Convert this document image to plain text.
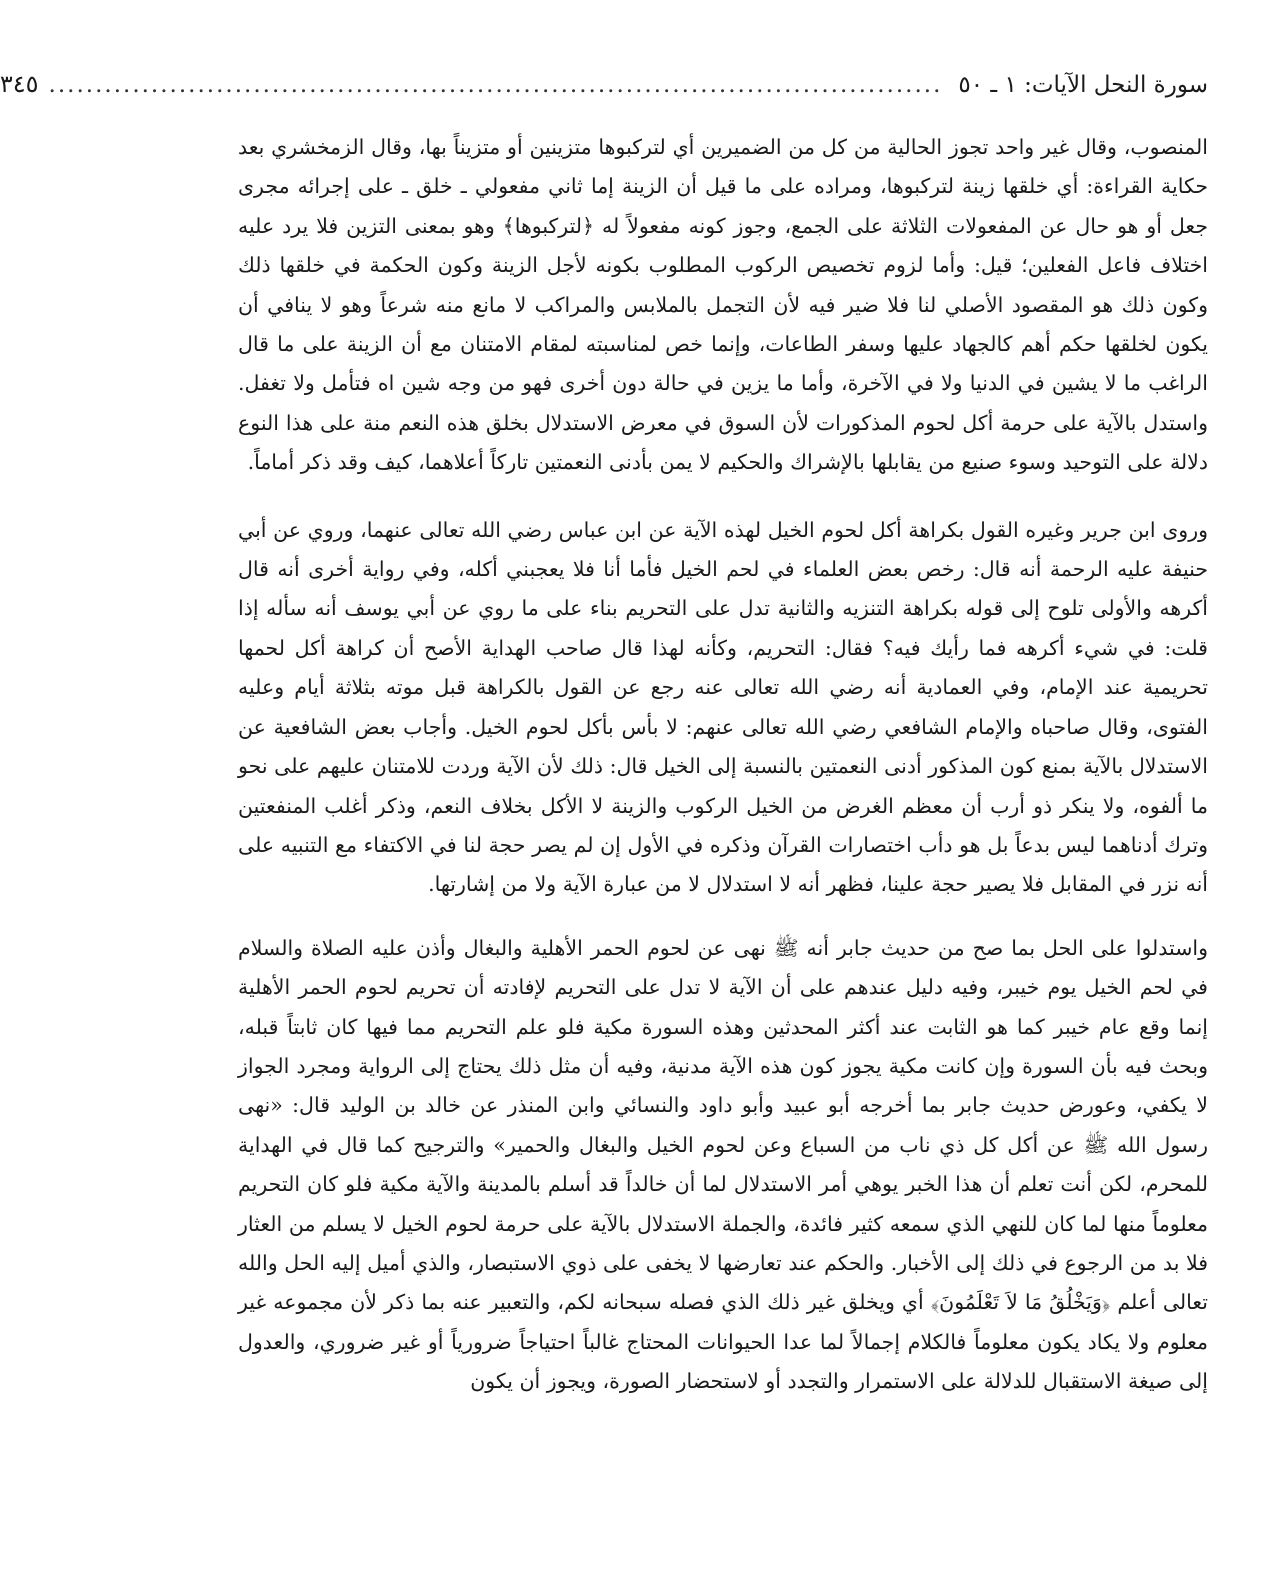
سورة النحل الآيات: ١ ـ ٥٠
................................................................................................
٣٤٥

المنصوب، وقال غير واحد تجوز الحالية من كل من الضميرين أي لتركبوها متزينين أو متزيناً بها، وقال الزمخشري بعد حكاية القراءة: أي خلقها زينة لتركبوها، ومراده على ما قيل أن الزينة إما ثاني مفعولي ـ خلق ـ على إجرائه مجرى جعل أو هو حال عن المفعولات الثلاثة على الجمع، وجوز كونه مفعولاً له ﴿لتركبوها﴾ وهو بمعنى التزين فلا يرد عليه اختلاف فاعل الفعلين؛ قيل: وأما لزوم تخصيص الركوب المطلوب بكونه لأجل الزينة وكون الحكمة في خلقها ذلك وكون ذلك هو المقصود الأصلي لنا فلا ضير فيه لأن التجمل بالملابس والمراكب لا مانع منه شرعاً وهو لا ينافي أن يكون لخلقها حكم أهم كالجهاد عليها وسفر الطاعات، وإنما خص لمناسبته لمقام الامتنان مع أن الزينة على ما قال الراغب ما لا يشين في الدنيا ولا في الآخرة، وأما ما يزين في حالة دون أخرى فهو من وجه شين اه فتأمل ولا تغفل. واستدل بالآية على حرمة أكل لحوم المذكورات لأن السوق في معرض الاستدلال بخلق هذه النعم منة على هذا النوع دلالة على التوحيد وسوء صنيع من يقابلها بالإشراك والحكيم لا يمن بأدنى النعمتين تاركاً أعلاهما، كيف وقد ذكر أماماً.

وروى ابن جرير وغيره القول بكراهة أكل لحوم الخيل لهذه الآية عن ابن عباس رضي الله تعالى عنهما، وروي عن أبي حنيفة عليه الرحمة أنه قال: رخص بعض العلماء في لحم الخيل فأما أنا فلا يعجبني أكله، وفي رواية أخرى أنه قال أكرهه والأولى تلوح إلى قوله بكراهة التنزيه والثانية تدل على التحريم بناء على ما روي عن أبي يوسف أنه سأله إذا قلت: في شيء أكرهه فما رأيك فيه؟ فقال: التحريم، وكأنه لهذا قال صاحب الهداية الأصح أن كراهة أكل لحمها تحريمية عند الإمام، وفي العمادية أنه رضي الله تعالى عنه رجع عن القول بالكراهة قبل موته بثلاثة أيام وعليه الفتوى، وقال صاحباه والإمام الشافعي رضي الله تعالى عنهم: لا بأس بأكل لحوم الخيل. وأجاب بعض الشافعية عن الاستدلال بالآية بمنع كون المذكور أدنى النعمتين بالنسبة إلى الخيل قال: ذلك لأن الآية وردت للامتنان عليهم على نحو ما ألفوه، ولا ينكر ذو أرب أن معظم الغرض من الخيل الركوب والزينة لا الأكل بخلاف النعم، وذكر أغلب المنفعتين وترك أدناهما ليس بدعاً بل هو دأب اختصارات القرآن وذكره في الأول إن لم يصر حجة لنا في الاكتفاء مع التنبيه على أنه نزر في المقابل فلا يصير حجة علينا، فظهر أنه لا استدلال لا من عبارة الآية ولا من إشارتها.

واستدلوا على الحل بما صح من حديث جابر أنه ﷺ نهى عن لحوم الحمر الأهلية والبغال وأذن عليه الصلاة والسلام في لحم الخيل يوم خيبر، وفيه دليل عندهم على أن الآية لا تدل على التحريم لإفادته أن تحريم لحوم الحمر الأهلية إنما وقع عام خيبر كما هو الثابت عند أكثر المحدثين وهذه السورة مكية فلو علم التحريم مما فيها كان ثابتاً قبله، وبحث فيه بأن السورة وإن كانت مكية يجوز كون هذه الآية مدنية، وفيه أن مثل ذلك يحتاج إلى الرواية ومجرد الجواز لا يكفي، وعورض حديث جابر بما أخرجه أبو عبيد وأبو داود والنسائي وابن المنذر عن خالد بن الوليد قال: «نهى رسول الله ﷺ عن أكل كل ذي ناب من السباع وعن لحوم الخيل والبغال والحمير» والترجيح كما قال في الهداية للمحرم، لكن أنت تعلم أن هذا الخبر يوهي أمر الاستدلال لما أن خالداً قد أسلم بالمدينة والآية مكية فلو كان التحريم معلوماً منها لما كان للنهي الذي سمعه كثير فائدة، والجملة الاستدلال بالآية على حرمة لحوم الخيل لا يسلم من العثار فلا بد من الرجوع في ذلك إلى الأخبار. والحكم عند تعارضها لا يخفى على ذوي الاستبصار، والذي أميل إليه الحل والله تعالى أعلم ﴿وَيَخْلُقُ مَا لاَ تَعْلَمُونَ﴾ أي ويخلق غير ذلك الذي فصله سبحانه لكم، والتعبير عنه بما ذكر لأن مجموعه غير معلوم ولا يكاد يكون معلوماً فالكلام إجمالاً لما عدا الحيوانات المحتاج غالباً احتياجاً ضرورياً أو غير ضروري، والعدول إلى صيغة الاستقبال للدلالة على الاستمرار والتجدد أو لاستحضار الصورة، ويجوز أن يكون
